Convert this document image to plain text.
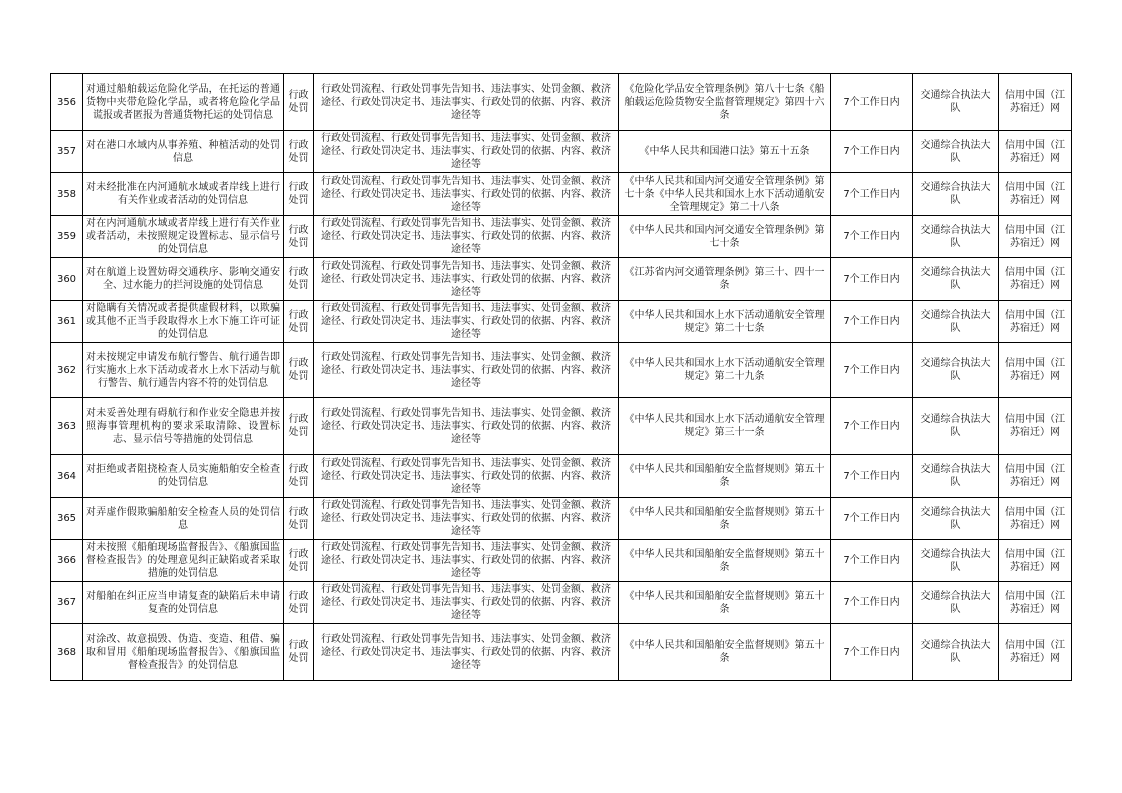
356	对通过船舶载运危险化学品，在托运的普通货物中夹带危险化学品，或者将危险化学品谎报或者匿报为普通货物托运的处罚信息	行政处罚	行政处罚流程、行政处罚事先告知书、违法事实、处罚金额、救济途径、行政处罚决定书、违法事实、行政处罚的依据、内容、救济途径等	《危险化学品安全管理条例》第八十七条《船舶载运危险货物安全监督管理规定》第四十六条	7个工作日内	交通综合执法大队	信用中国（江苏宿迁）网
357	对在港口水域内从事养殖、种植活动的处罚信息	行政处罚	行政处罚流程、行政处罚事先告知书、违法事实、处罚金额、救济途径、行政处罚决定书、违法事实、行政处罚的依据、内容、救济途径等	《中华人民共和国港口法》第五十五条	7个工作日内	交通综合执法大队	信用中国（江苏宿迁）网
358	对未经批准在内河通航水域或者岸线上进行有关作业或者活动的处罚信息	行政处罚	行政处罚流程、行政处罚事先告知书、违法事实、处罚金额、救济途径、行政处罚决定书、违法事实、行政处罚的依据、内容、救济途径等	《中华人民共和国内河交通安全管理条例》第七十条《中华人民共和国水上水下活动通航安全管理规定》第二十八条	7个工作日内	交通综合执法大队	信用中国（江苏宿迁）网
359	对在内河通航水域或者岸线上进行有关作业或者活动，未按照规定设置标志、显示信号的处罚信息	行政处罚	行政处罚流程、行政处罚事先告知书、违法事实、处罚金额、救济途径、行政处罚决定书、违法事实、行政处罚的依据、内容、救济途径等	《中华人民共和国内河交通安全管理条例》第七十条	7个工作日内	交通综合执法大队	信用中国（江苏宿迁）网
360	对在航道上设置妨碍交通秩序、影响交通安全、过水能力的拦河设施的处罚信息	行政处罚	行政处罚流程、行政处罚事先告知书、违法事实、处罚金额、救济途径、行政处罚决定书、违法事实、行政处罚的依据、内容、救济途径等	《江苏省内河交通管理条例》第三十、四十一条	7个工作日内	交通综合执法大队	信用中国（江苏宿迁）网
361	对隐瞒有关情况或者提供虚假材料，以欺骗或其他不正当手段取得水上水下施工许可证的处罚信息	行政处罚	行政处罚流程、行政处罚事先告知书、违法事实、处罚金额、救济途径、行政处罚决定书、违法事实、行政处罚的依据、内容、救济途径等	《中华人民共和国水上水下活动通航安全管理规定》第二十七条	7个工作日内	交通综合执法大队	信用中国（江苏宿迁）网
362	对未按规定申请发布航行警告、航行通告即行实施水上水下活动或者水上水下活动与航行警告、航行通告内容不符的处罚信息	行政处罚	行政处罚流程、行政处罚事先告知书、违法事实、处罚金额、救济途径、行政处罚决定书、违法事实、行政处罚的依据、内容、救济途径等	《中华人民共和国水上水下活动通航安全管理规定》第二十九条	7个工作日内	交通综合执法大队	信用中国（江苏宿迁）网
363	对未妥善处理有碍航行和作业安全隐患并按照海事管理机构的要求采取清除、设置标志、显示信号等措施的处罚信息	行政处罚	行政处罚流程、行政处罚事先告知书、违法事实、处罚金额、救济途径、行政处罚决定书、违法事实、行政处罚的依据、内容、救济途径等	《中华人民共和国水上水下活动通航安全管理规定》第三十一条	7个工作日内	交通综合执法大队	信用中国（江苏宿迁）网
364	对拒绝或者阻挠检查人员实施船舶安全检查的处罚信息	行政处罚	行政处罚流程、行政处罚事先告知书、违法事实、处罚金额、救济途径、行政处罚决定书、违法事实、行政处罚的依据、内容、救济途径等	《中华人民共和国船舶安全监督规则》第五十条	7个工作日内	交通综合执法大队	信用中国（江苏宿迁）网
365	对弄虚作假欺骗船舶安全检查人员的处罚信息	行政处罚	行政处罚流程、行政处罚事先告知书、违法事实、处罚金额、救济途径、行政处罚决定书、违法事实、行政处罚的依据、内容、救济途径等	《中华人民共和国船舶安全监督规则》第五十条	7个工作日内	交通综合执法大队	信用中国（江苏宿迁）网
366	对未按照《船舶现场监督报告》、《船旗国监督检查报告》的处理意见纠正缺陷或者采取措施的处罚信息	行政处罚	行政处罚流程、行政处罚事先告知书、违法事实、处罚金额、救济途径、行政处罚决定书、违法事实、行政处罚的依据、内容、救济途径等	《中华人民共和国船舶安全监督规则》第五十条	7个工作日内	交通综合执法大队	信用中国（江苏宿迁）网
367	对船舶在纠正应当申请复查的缺陷后未申请复查的处罚信息	行政处罚	行政处罚流程、行政处罚事先告知书、违法事实、处罚金额、救济途径、行政处罚决定书、违法事实、行政处罚的依据、内容、救济途径等	《中华人民共和国船舶安全监督规则》第五十条	7个工作日内	交通综合执法大队	信用中国（江苏宿迁）网
368	对涂改、故意损毁、伪造、变造、租借、骗取和冒用《船舶现场监督报告》、《船旗国监督检查报告》的处罚信息	行政处罚	行政处罚流程、行政处罚事先告知书、违法事实、处罚金额、救济途径、行政处罚决定书、违法事实、行政处罚的依据、内容、救济途径等	《中华人民共和国船舶安全监督规则》第五十条	7个工作日内	交通综合执法大队	信用中国（江苏宿迁）网
